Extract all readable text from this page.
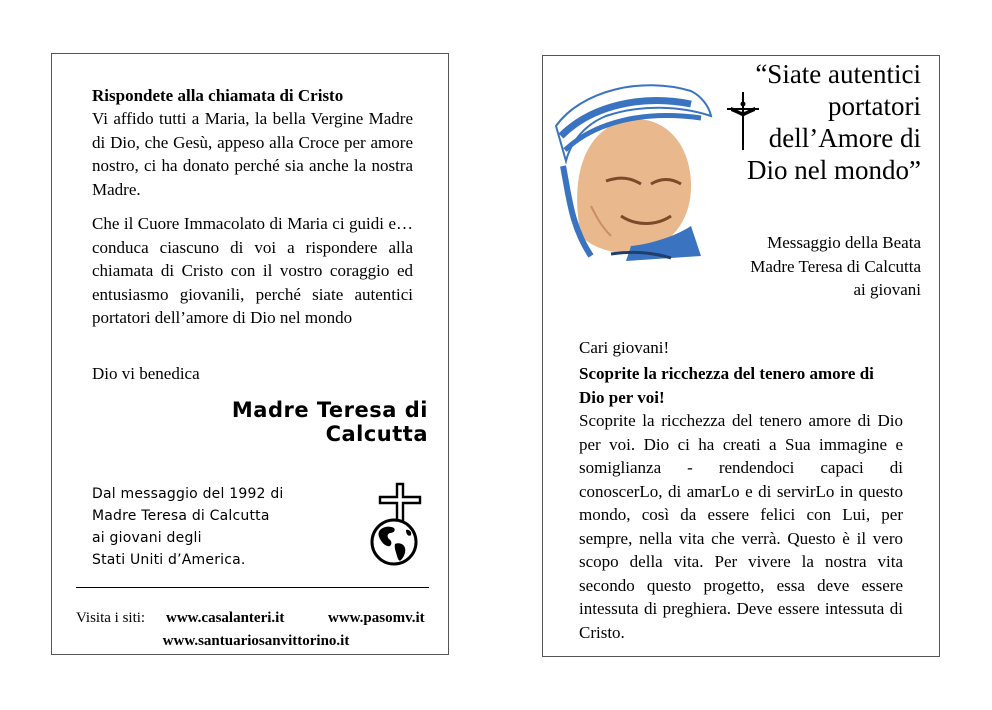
Rispondete alla chiamata di Cristo
Vi affido tutti a Maria, la bella Vergine Madre di Dio, che Gesù, appeso alla Croce per amore nostro, ci ha donato perché sia anche la nostra Madre.
Che il Cuore Immacolato di Maria ci guidi e… conduca ciascuno di voi a rispondere alla chiamata di Cristo con il vostro coraggio ed entusiasmo giovanili, perché siate autentici portatori dell’amore di Dio nel mondo
Dio vi benedica
Madre Teresa di
Calcutta
Dal messaggio del 1992 di
Madre Teresa di Calcutta
ai giovani degli
Stati Uniti d’America.
Visita i siti: www.casalanteri.it	www.pasomv.it
www.santuariosanvittorino.it
“Siate autentici
portatori
dell’Amore di
Dio nel mondo”
Messaggio della Beata
Madre Teresa di Calcutta
ai giovani
Cari giovani!
Scoprite la ricchezza del tenero amore di Dio per voi!
Scoprite la ricchezza del tenero amore di Dio per voi. Dio ci ha creati a Sua immagine e somiglianza - rendendoci capaci di conoscerLo, di amarLo e di servirLo in questo mondo, così da essere felici con Lui, per sempre, nella vita che verrà. Questo è il vero scopo della vita. Per vivere la nostra vita secondo questo progetto, essa deve essere intessuta di preghiera. Deve essere intessuta di Cristo.
